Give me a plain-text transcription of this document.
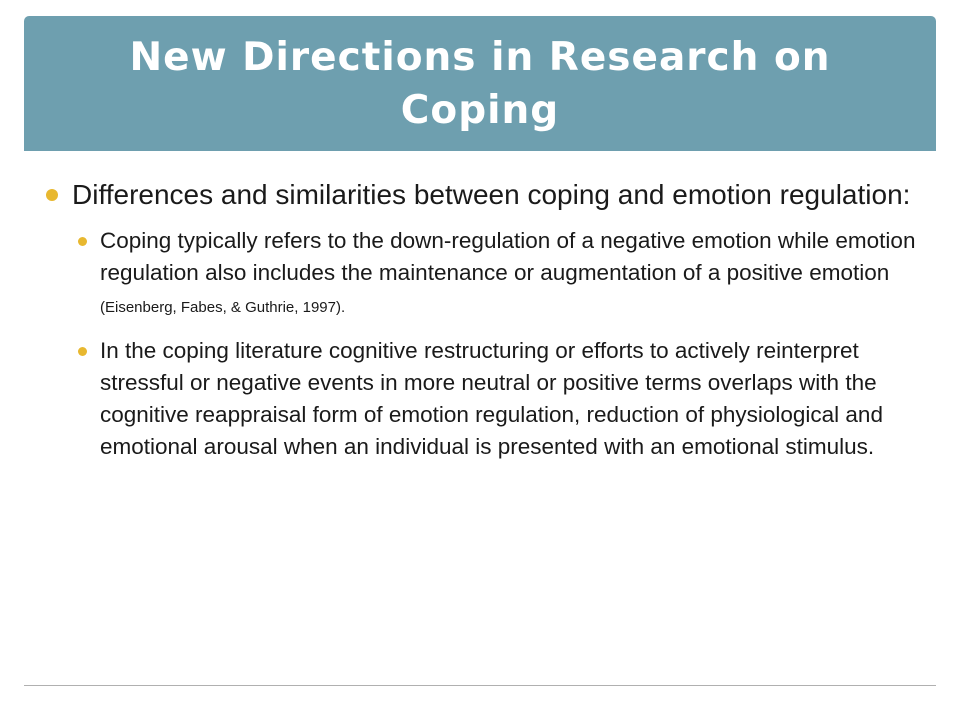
New Directions in Research on Coping
Differences and similarities between coping and emotion regulation:
Coping typically refers to the down-regulation of a negative emotion while emotion regulation also includes the maintenance or augmentation of a positive emotion (Eisenberg, Fabes, & Guthrie, 1997).
In the coping literature cognitive restructuring or efforts to actively reinterpret stressful or negative events in more neutral or positive terms overlaps with the cognitive reappraisal form of emotion regulation, reduction of physiological and emotional arousal when an individual is presented with an emotional stimulus.
